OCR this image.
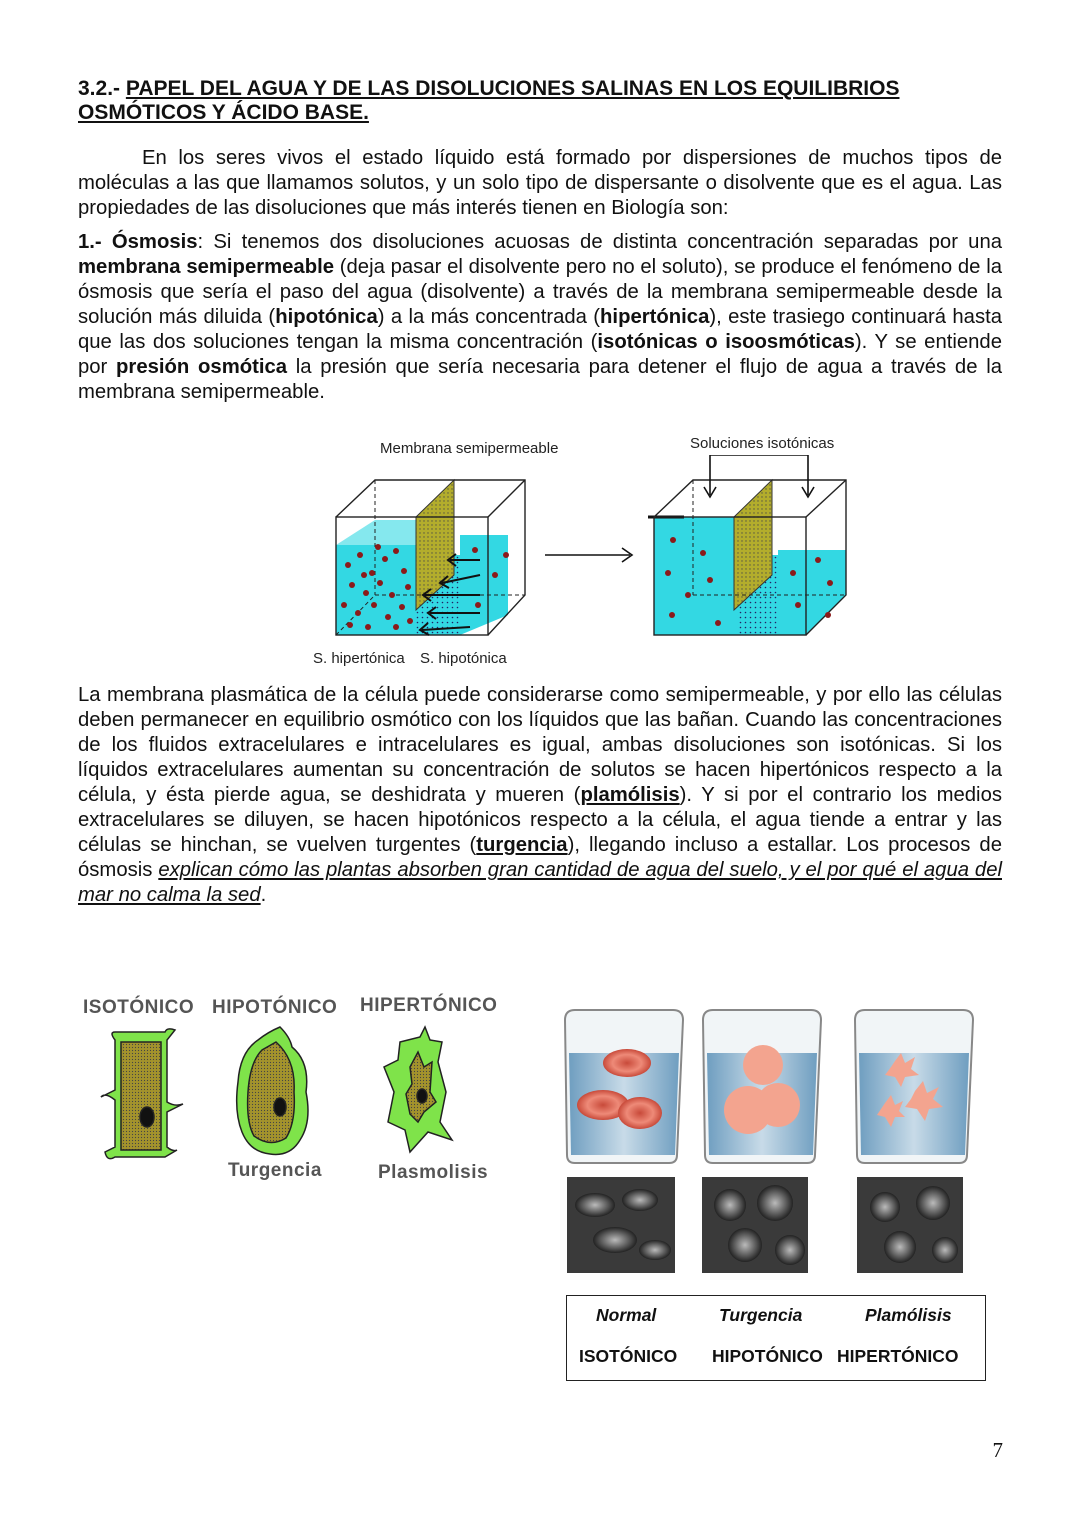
3.2.- PAPEL DEL AGUA Y DE LAS DISOLUCIONES SALINAS EN LOS EQUILIBRIOS OSMÓTICOS Y ÁCIDO BASE.
En los seres vivos el estado líquido está formado por dispersiones de muchos tipos de moléculas a las que llamamos solutos, y un solo tipo de dispersante o disolvente que es el agua. Las propiedades de las disoluciones que más interés tienen en Biología son:
1.- Ósmosis: Si tenemos dos disoluciones acuosas de distinta concentración separadas por una membrana semipermeable (deja pasar el disolvente pero no el soluto), se produce el fenómeno de la ósmosis que sería el paso del agua (disolvente) a través de la membrana semipermeable desde la solución más diluida (hipotónica) a la más concentrada (hipertónica), este trasiego continuará hasta que las dos soluciones tengan la misma concentración (isotónicas o isoosmóticas). Y se entiende por presión osmótica la presión que sería necesaria para detener el flujo de agua a través de la membrana semipermeable.
Membrana semipermeable	Soluciones isotónicas
S. hipertónica S. hipotónica
La membrana plasmática de la célula puede considerarse como semipermeable, y por ello las células deben permanecer en equilibrio osmótico con los líquidos que las bañan. Cuando las concentraciones de los fluidos extracelulares e intracelulares es igual, ambas disoluciones son isotónicas. Si los líquidos extracelulares aumentan su concentración de solutos se hacen hipertónicos respecto a la célula, y ésta pierde agua, se deshidrata y mueren (plamólisis). Y si por el contrario los medios extracelulares se diluyen, se hacen hipotónicos respecto a la célula, el agua tiende a entrar y las células se hinchan, se vuelven turgentes (turgencia), llegando incluso a estallar. Los procesos de ósmosis explican cómo las plantas absorben gran cantidad de agua del suelo, y el por qué el agua del mar no calma la sed.
ISOTÓNICO HIPOTÓNICO HIPERTÓNICO
Turgencia	Plasmolisis
Normal	Turgencia	Plamólisis
ISOTÓNICO HIPOTÓNICO HIPERTÓNICO
7
